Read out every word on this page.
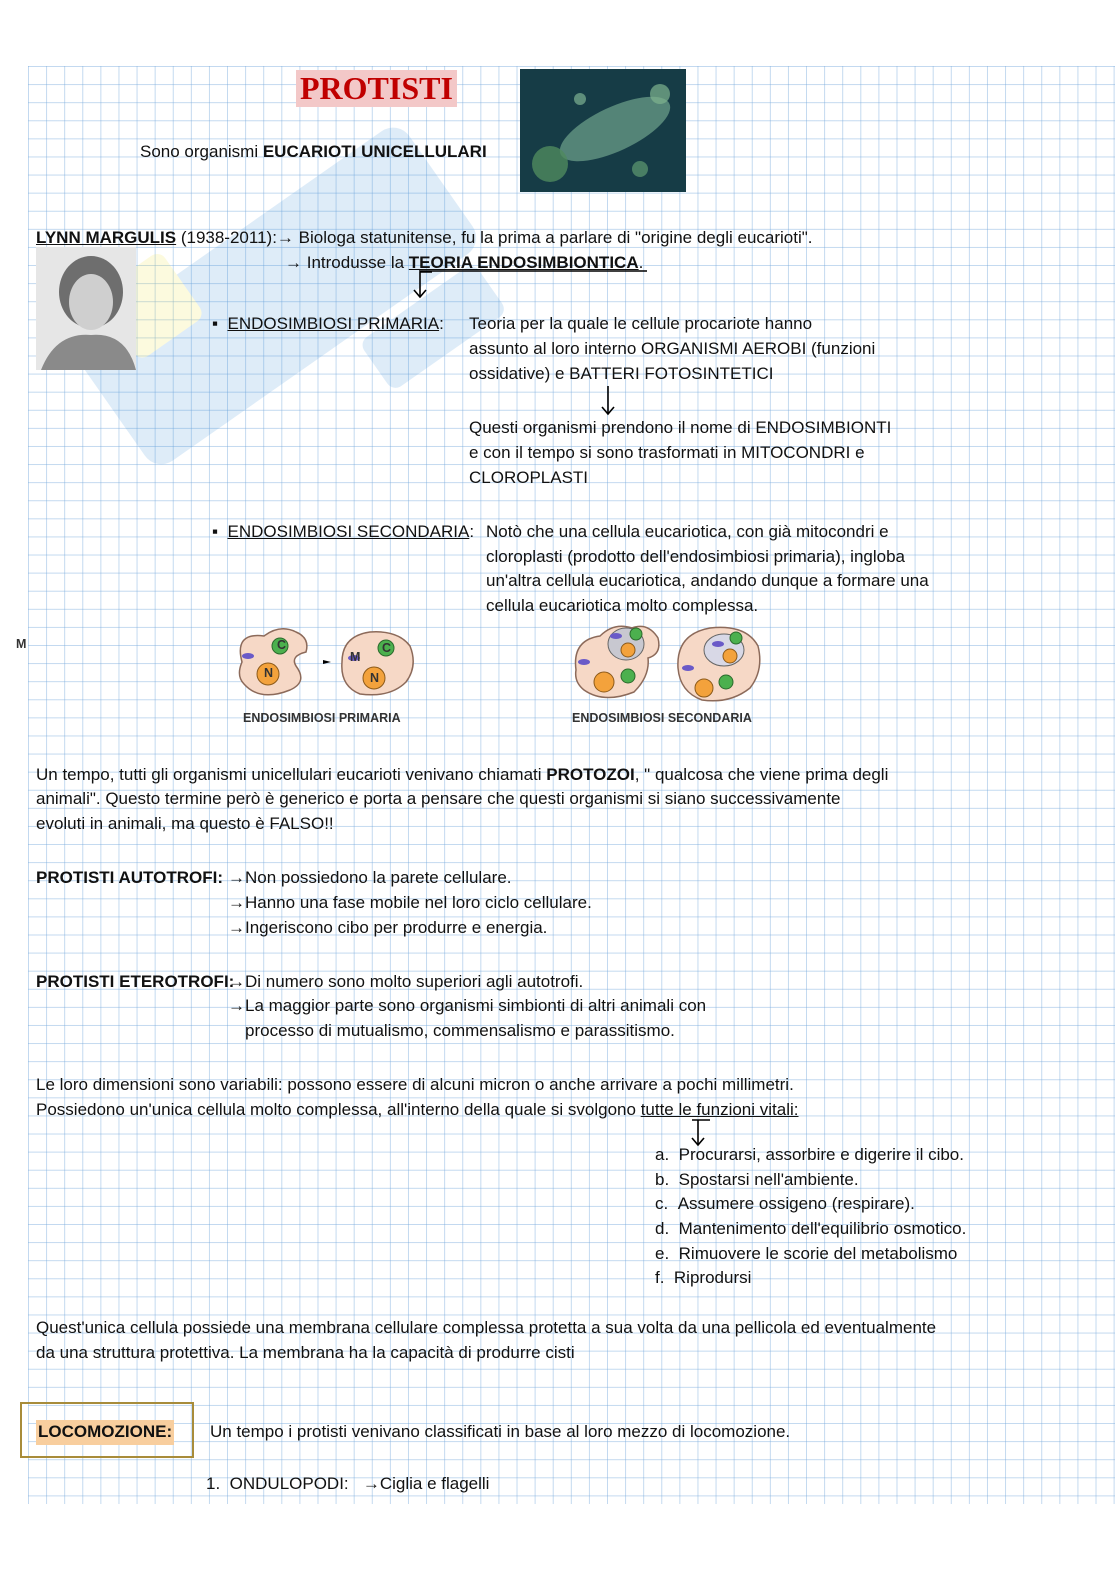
PROTISTI
Sono organismi EUCARIOTI UNICELLULARI
LYNN MARGULIS (1938-2011):→ Biologa statunitense, fu la prima a parlare di "origine degli eucarioti".
→ Introdusse la TEORIA ENDOSIMBIONTICA.
▪ ENDOSIMBIOSI PRIMARIA: Teoria per la quale le cellule procariote hanno
assunto al loro interno ORGANISMI AEROBI (funzioni
ossidative) e BATTERI FOTOSINTETICI
Questi organismi prendono il nome di ENDOSIMBIONTI
e con il tempo si sono trasformati in MITOCONDRI e
CLOROPLASTI
▪ ENDOSIMBIOSI SECONDARIA: Notò che una cellula eucariotica, con già mitocondri e
cloroplasti (prodotto dell'endosimbiosi primaria), ingloba
un'altra cellula eucariotica, andando dunque a formare una
cellula eucariotica molto complessa.
M
N
C
M
N
C
ENDOSIMBIOSI PRIMARIA	ENDOSIMBIOSI SECONDARIA
Un tempo, tutti gli organismi unicellulari eucarioti venivano chiamati PROTOZOI, " qualcosa che viene prima degli
animali". Questo termine però è generico e porta a pensare che questi organismi si siano successivamente
evoluti in animali, ma questo è FALSO!!
PROTISTI AUTOTROFI: →Non possiedono la parete cellulare.
→Hanno una fase mobile nel loro ciclo cellulare.
→Ingeriscono cibo per produrre e energia.
PROTISTI ETEROTROFI:
→Di numero sono molto superiori agli autotrofi.
→La maggior parte sono organismi simbionti di altri animali con
processo di mutualismo, commensalismo e parassitismo.
Le loro dimensioni sono variabili: possono essere di alcuni micron o anche arrivare a pochi millimetri.
Possiedono un'unica cellula molto complessa, all'interno della quale si svolgono tutte le funzioni vitali:
a. Procurarsi, assorbire e digerire il cibo.
b. Spostarsi nell'ambiente.
c. Assumere ossigeno (respirare).
d. Mantenimento dell'equilibrio osmotico.
e. Rimuovere le scorie del metabolismo
f. Riprodursi
Quest'unica cellula possiede una membrana cellulare complessa protetta a sua volta da una pellicola ed eventualmente
da una struttura protettiva. La membrana ha la capacità di produrre cisti
LOCOMOZIONE: Un tempo i protisti venivano classificati in base al loro mezzo di locomozione.
1. ONDULOPODI: →Ciglia e flagelli
